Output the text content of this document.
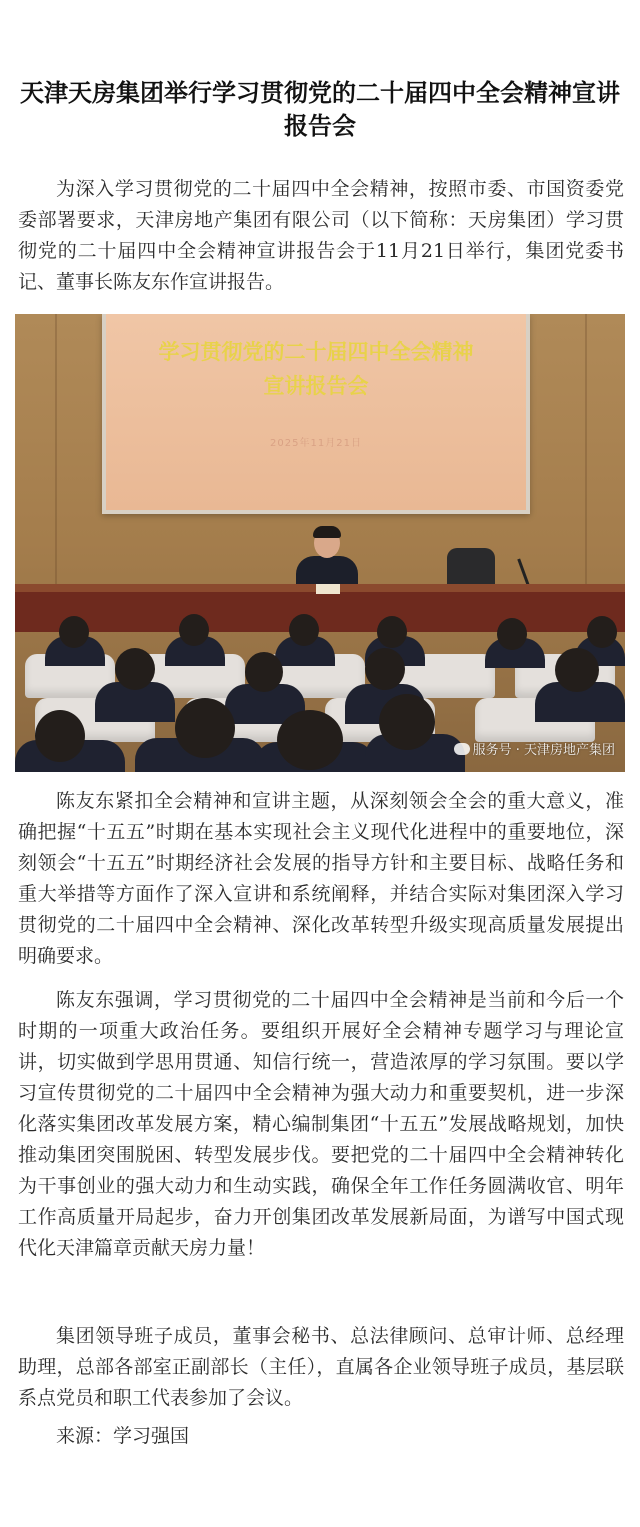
天津天房集团举行学习贯彻党的二十届四中全会精神宣讲报告会

为深入学习贯彻党的二十届四中全会精神，按照市委、市国资委党委部署要求，天津房地产集团有限公司（以下简称：天房集团）学习贯彻党的二十届四中全会精神宣讲报告会于11月21日举行，集团党委书记、董事长陈友东作宣讲报告。

学习贯彻党的二十届四中全会精神
宣讲报告会
2025年11月21日
服务号 · 天津房地产集团

陈友东紧扣全会精神和宣讲主题，从深刻领会全会的重大意义，准确把握“十五五”时期在基本实现社会主义现代化进程中的重要地位，深刻领会“十五五”时期经济社会发展的指导方针和主要目标、战略任务和重大举措等方面作了深入宣讲和系统阐释，并结合实际对集团深入学习贯彻党的二十届四中全会精神、深化改革转型升级实现高质量发展提出明确要求。

陈友东强调，学习贯彻党的二十届四中全会精神是当前和今后一个时期的一项重大政治任务。要组织开展好全会精神专题学习与理论宣讲，切实做到学思用贯通、知信行统一，营造浓厚的学习氛围。要以学习宣传贯彻党的二十届四中全会精神为强大动力和重要契机，进一步深化落实集团改革发展方案，精心编制集团“十五五”发展战略规划，加快推动集团突围脱困、转型发展步伐。要把党的二十届四中全会精神转化为干事创业的强大动力和生动实践，确保全年工作任务圆满收官、明年工作高质量开局起步，奋力开创集团改革发展新局面，为谱写中国式现代化天津篇章贡献天房力量！

集团领导班子成员，董事会秘书、总法律顾问、总审计师、总经理助理，总部各部室正副部长（主任），直属各企业领导班子成员，基层联系点党员和职工代表参加了会议。

来源：学习强国
